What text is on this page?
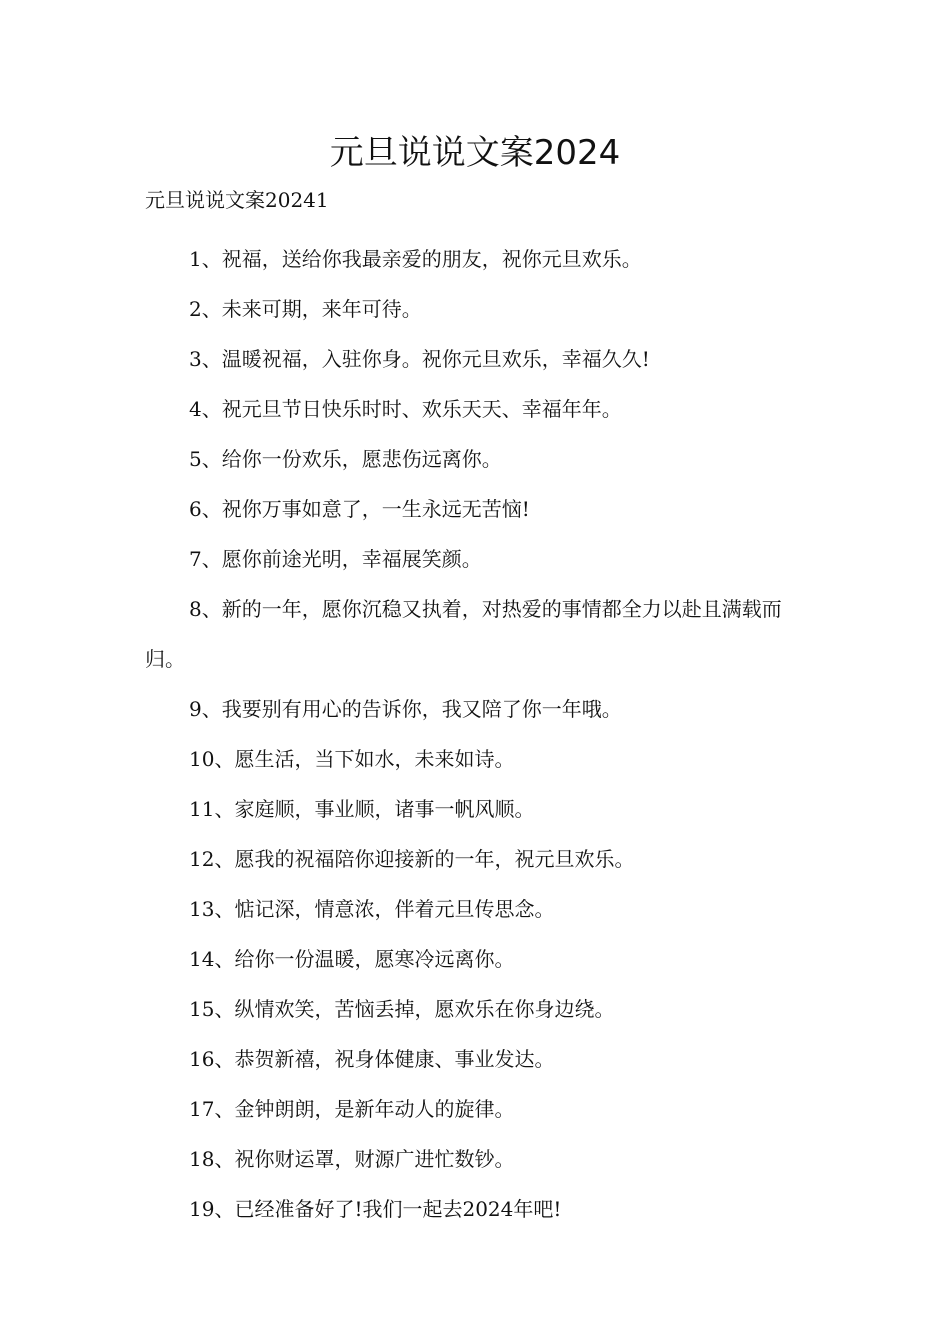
元旦说说文案2024

元旦说说文案20241

1、祝福，送给你我最亲爱的朋友，祝你元旦欢乐。
2、未来可期，来年可待。
3、温暖祝福，入驻你身。祝你元旦欢乐，幸福久久!
4、祝元旦节日快乐时时、欢乐天天、幸福年年。
5、给你一份欢乐，愿悲伤远离你。
6、祝你万事如意了，一生永远无苦恼!
7、愿你前途光明，幸福展笑颜。
8、新的一年，愿你沉稳又执着，对热爱的事情都全力以赴且满载而归。
9、我要别有用心的告诉你，我又陪了你一年哦。
10、愿生活，当下如水，未来如诗。
11、家庭顺，事业顺，诸事一帆风顺。
12、愿我的祝福陪你迎接新的一年，祝元旦欢乐。
13、惦记深，情意浓，伴着元旦传思念。
14、给你一份温暖，愿寒冷远离你。
15、纵情欢笑，苦恼丢掉，愿欢乐在你身边绕。
16、恭贺新禧，祝身体健康、事业发达。
17、金钟朗朗，是新年动人的旋律。
18、祝你财运罩，财源广进忙数钞。
19、已经准备好了!我们一起去2024年吧!
